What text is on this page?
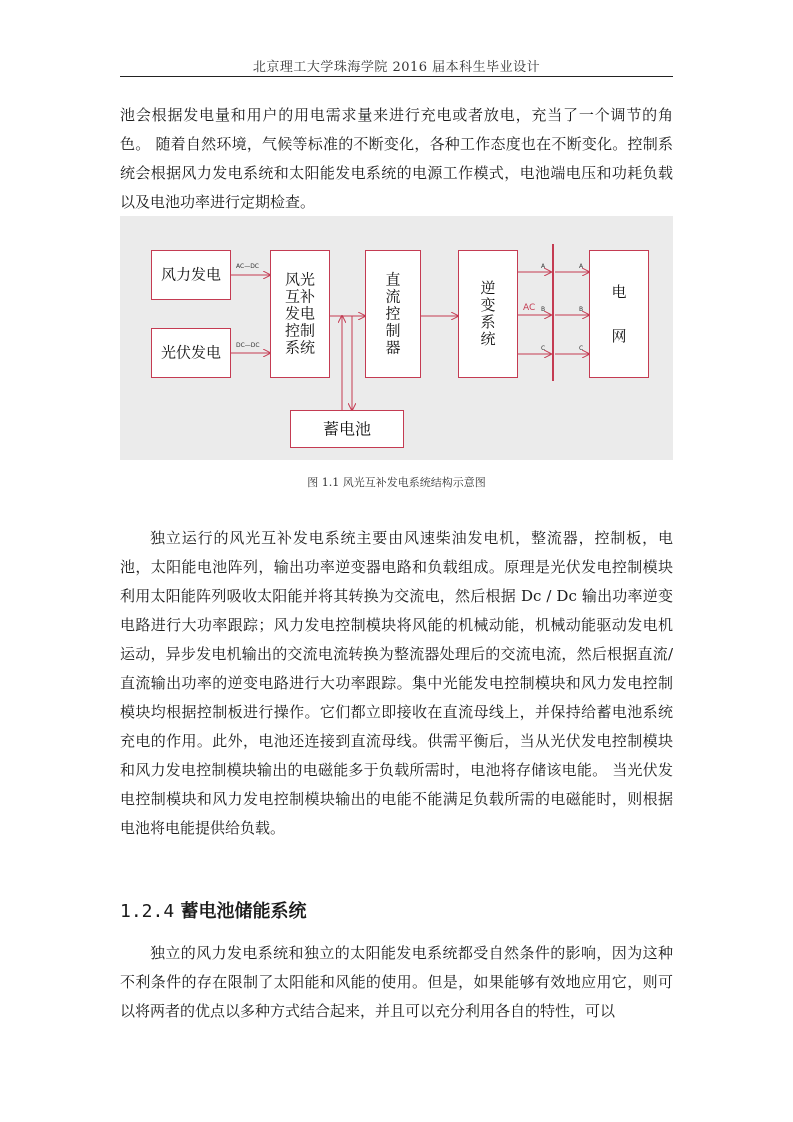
北京理工大学珠海学院 2016 届本科生毕业设计

池会根据发电量和用户的用电需求量来进行充电或者放电，充当了一个调节的角色。 随着自然环境，气候等标准的不断变化，各种工作态度也在不断变化。控制系统会根据风力发电系统和太阳能发电系统的电源工作模式，电池端电压和功耗负载以及电池功率进行定期检查。

AC—DC
DC—DC
AC
A
B
C
A
B
C
风力发电
光伏发电
风光互补发电控制系统
直流控制器
逆变系统
电网
蓄电池
图 1.1 风光互补发电系统结构示意图

独立运行的风光互补发电系统主要由风速柴油发电机，整流器，控制板，电池，太阳能电池阵列，输出功率逆变器电路和负载组成。原理是光伏发电控制模块利用太阳能阵列吸收太阳能并将其转换为交流电，然后根据 Dc / Dc 输出功率逆变电路进行大功率跟踪；风力发电控制模块将风能的机械动能，机械动能驱动发电机运动，异步发电机输出的交流电流转换为整流器处理后的交流电流，然后根据直流/直流输出功率的逆变电路进行大功率跟踪。集中光能发电控制模块和风力发电控制模块均根据控制板进行操作。它们都立即接收在直流母线上，并保持给蓄电池系统充电的作用。此外，电池还连接到直流母线。供需平衡后，当从光伏发电控制模块和风力发电控制模块输出的电磁能多于负载所需时，电池将存储该电能。 当光伏发电控制模块和风力发电控制模块输出的电能不能满足负载所需的电磁能时，则根据电池将电能提供给负载。

1.2.4 蓄电池储能系统

独立的风力发电系统和独立的太阳能发电系统都受自然条件的影响，因为这种不利条件的存在限制了太阳能和风能的使用。但是，如果能够有效地应用它，则可以将两者的优点以多种方式结合起来，并且可以充分利用各自的特性，可以
